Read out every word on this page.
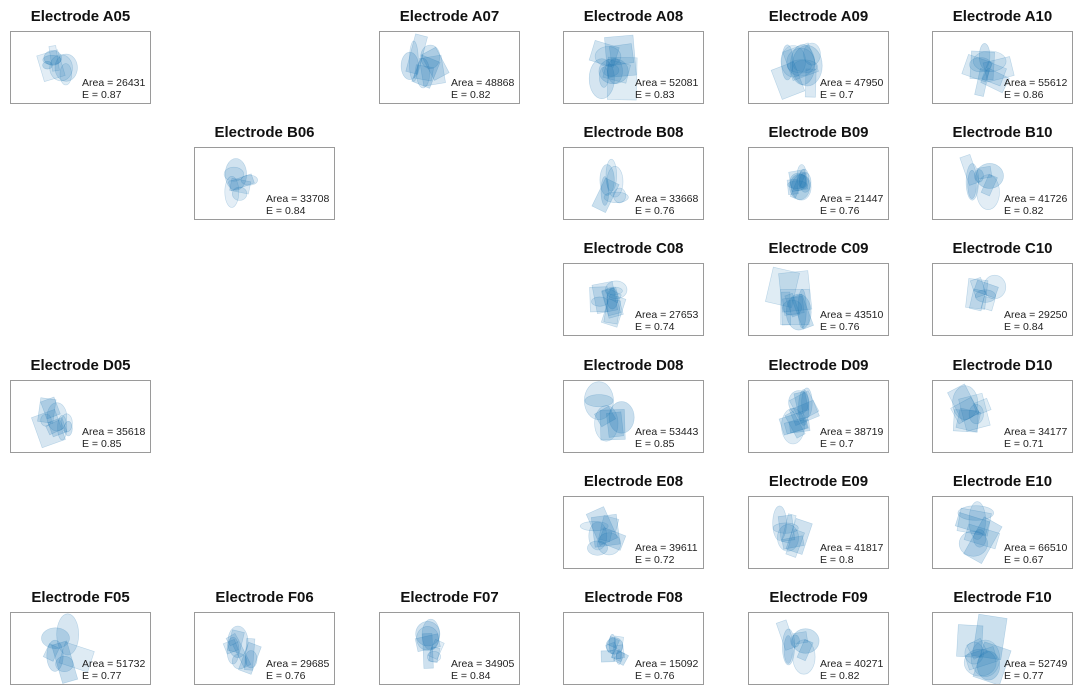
Electrode A05
Area = 26431
E = 0.87
Electrode A07
Area = 48868
E = 0.82
Electrode A08
Area = 52081
E = 0.83
Electrode A09
Area = 47950
E = 0.7
Electrode A10
Area = 55612
E = 0.86
Electrode B06
Area = 33708
E = 0.84
Electrode B08
Area = 33668
E = 0.76
Electrode B09
Area = 21447
E = 0.76
Electrode B10
Area = 41726
E = 0.82
Electrode C08
Area = 27653
E = 0.74
Electrode C09
Area = 43510
E = 0.76
Electrode C10
Area = 29250
E = 0.84
Electrode D05
Area = 35618
E = 0.85
Electrode D08
Area = 53443
E = 0.85
Electrode D09
Area = 38719
E = 0.7
Electrode D10
Area = 34177
E = 0.71
Electrode E08
Area = 39611
E = 0.72
Electrode E09
Area = 41817
E = 0.8
Electrode E10
Area = 66510
E = 0.67
Electrode F05
Area = 51732
E = 0.77
Electrode F06
Area = 29685
E = 0.76
Electrode F07
Area = 34905
E = 0.84
Electrode F08
Area = 15092
E = 0.76
Electrode F09
Area = 40271
E = 0.82
Electrode F10
Area = 52749
E = 0.77
